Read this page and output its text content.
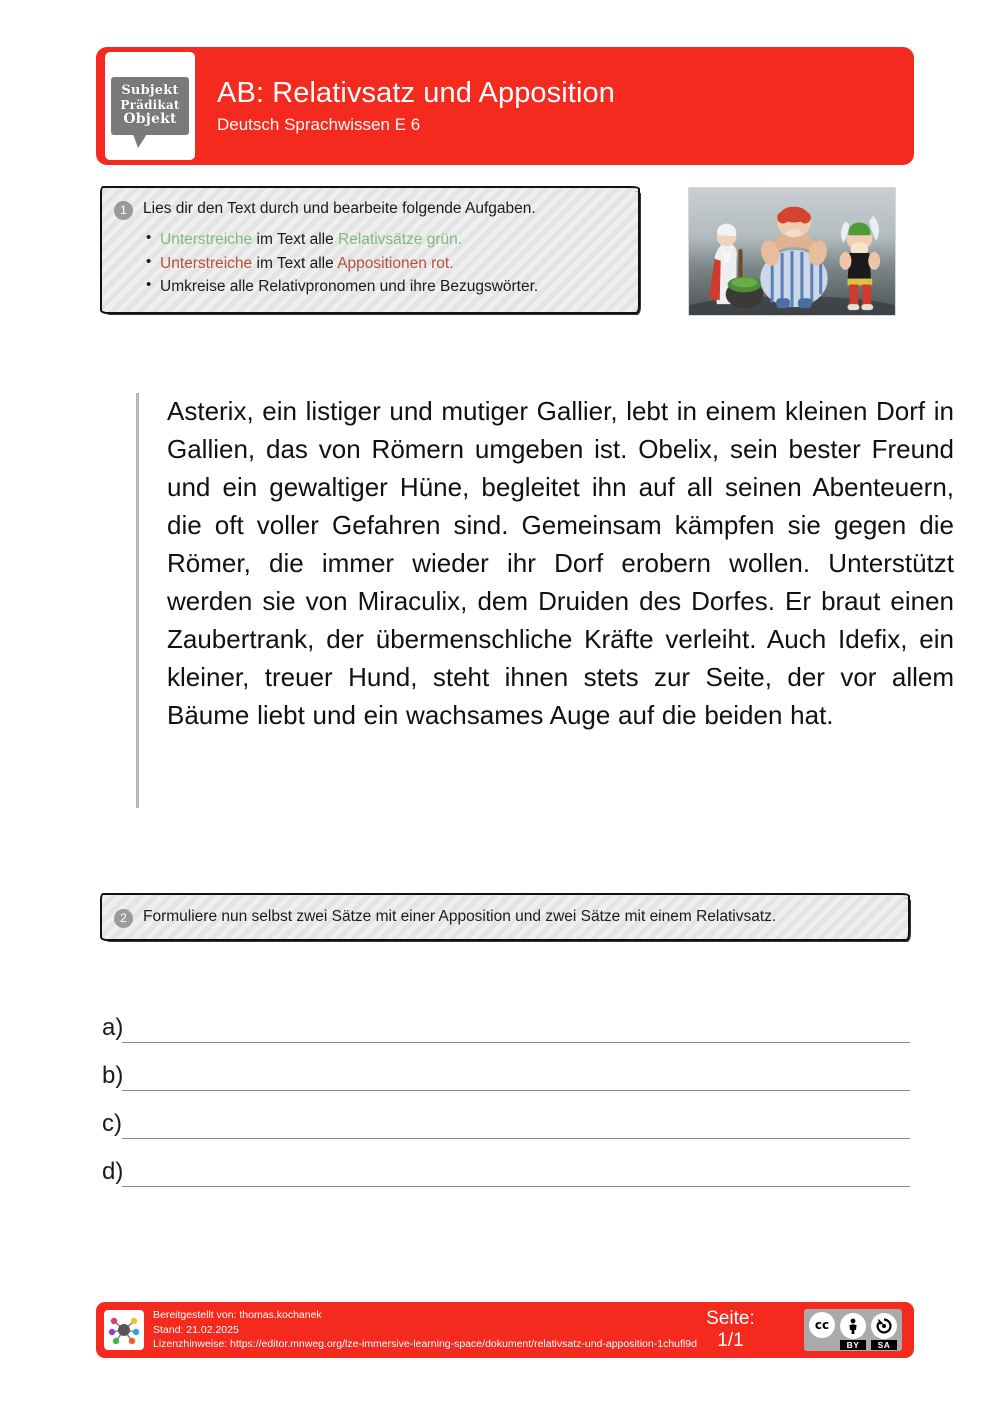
Subjekt
Prädikat
Objekt
AB: Relativsatz und Apposition
Deutsch Sprachwissen E 6
1	Lies dir den Text durch und bearbeite folgende Aufgaben.
• Unterstreiche im Text alle Relativsätze grün.
• Unterstreiche im Text alle Appositionen rot.
• Umkreise alle Relativpronomen und ihre Bezugswörter.

Asterix, ein listiger und mutiger Gallier, lebt in einem kleinen Dorf in Gallien, das von Römern umgeben ist. Obelix, sein bester Freund und ein gewaltiger Hüne, begleitet ihn auf all seinen Abenteuern, die oft voller Gefahren sind. Gemeinsam kämpfen sie gegen die Römer, die immer wieder ihr Dorf erobern wollen. Unterstützt werden sie von Miraculix, dem Druiden des Dorfes. Er braut einen Zaubertrank, der übermenschliche Kräfte verleiht. Auch Idefix, ein kleiner, treuer Hund, steht ihnen stets zur Seite, der vor allem Bäume liebt und ein wachsames Auge auf die beiden hat.

2	Formuliere nun selbst zwei Sätze mit einer Apposition und zwei Sätze mit einem Relativsatz.
a)
b)
c)
d)
Bereitgestellt von: thomas.kochanek
Stand: 21.02.2025
Lizenzhinweise: https://editor.mnweg.org/lze-immersive-learning-space/dokument/relativsatz-und-apposition-1chufl9d
Seite: 1/1
cc
BY	SA
